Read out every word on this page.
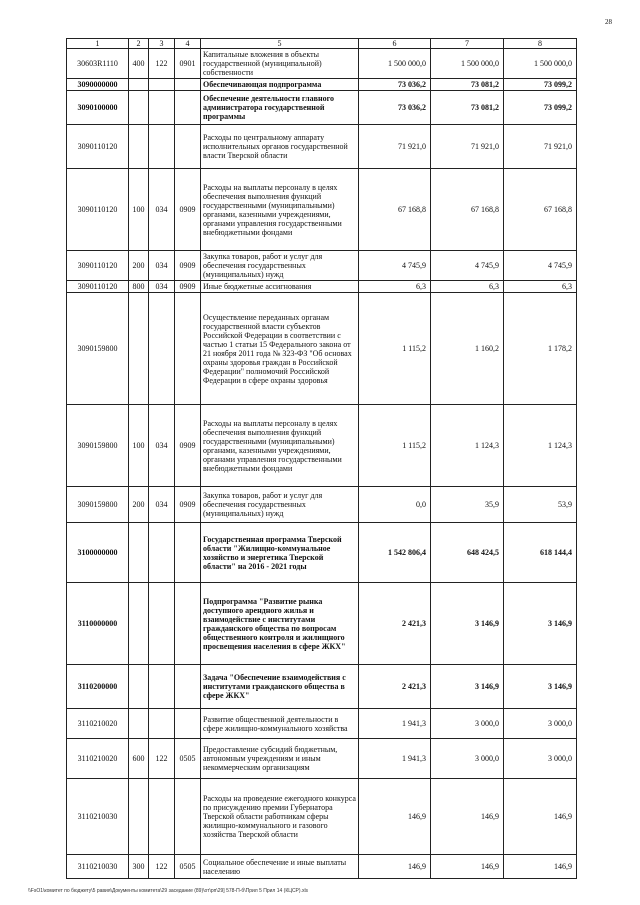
28
1	2	3	4	5	6	7	8
30603R1110	400	122	0901	Капитальные вложения в объекты государственной (муниципальной) собственности	1 500 000,0	1 500 000,0	1 500 000,0
3090000000				Обеспечивающая подпрограмма	73 036,2	73 081,2	73 099,2
3090100000				Обеспечение деятельности главного администратора государственной программы	73 036,2	73 081,2	73 099,2
3090110120				Расходы по центральному аппарату исполнительных органов государственной власти Тверской области	71 921,0	71 921,0	71 921,0
3090110120	100	034	0909	Расходы на выплаты персоналу в целях обеспечения выполнения функций государственными (муниципальными) органами, казенными учреждениями, органами управления государственными внебюджетными фондами	67 168,8	67 168,8	67 168,8
3090110120	200	034	0909	Закупка товаров, работ и услуг для обеспечения государственных (муниципальных) нужд	4 745,9	4 745,9	4 745,9
3090110120	800	034	0909	Иные бюджетные ассигнования	6,3	6,3	6,3
3090159800				Осуществление переданных органам государственной власти субъектов Российской Федерации в соответствии с частью 1 статьи 15 Федерального закона от 21 ноября 2011 года № 323-ФЗ "Об основах охраны здоровья граждан в Российской Федерации" полномочий Российской Федерации в сфере охраны здоровья	1 115,2	1 160,2	1 178,2
3090159800	100	034	0909	Расходы на выплаты персоналу в целях обеспечения выполнения функций государственными (муниципальными) органами, казенными учреждениями, органами управления государственными внебюджетными фондами	1 115,2	1 124,3	1 124,3
3090159800	200	034	0909	Закупка товаров, работ и услуг для обеспечения государственных (муниципальных) нужд	0,0	35,9	53,9
3100000000				Государственная программа Тверской области "Жилищно-коммунальное хозяйство и энергетика Тверской области" на 2016 - 2021 годы	1 542 806,4	648 424,5	618 144,4
3110000000				Подпрограмма "Развитие рынка доступного арендного жилья и взаимодействие с институтами гражданского общества по вопросам общественного контроля и жилищного просвещения населения в сфере ЖКХ"	2 421,3	3 146,9	3 146,9
3110200000				Задача "Обеспечение взаимодействия с институтами гражданского общества в сфере ЖКХ"	2 421,3	3 146,9	3 146,9
3110210020				Развитие общественной деятельности в сфере жилищно-коммунального хозяйства	1 941,3	3 000,0	3 000,0
3110210020	600	122	0505	Предоставление субсидий бюджетным, автономным учреждениям и иным некоммерческим организациям	1 941,3	3 000,0	3 000,0
3110210030				Расходы на проведение ежегодного конкурса по присуждению премии Губернатора Тверской области работникам сферы жилищно-коммунального и газового хозяйства Тверской области	146,9	146,9	146,9
3110210030	300	122	0505	Социальное обеспечение и иные выплаты населению	146,9	146,9	146,9
\\FsO1\комитет по бюджету\5 равия\Документы комитета\29 заседание (89)\от\рп\29] 578-П-б\Прил 5 Прил 14 (КЦСР).xls
